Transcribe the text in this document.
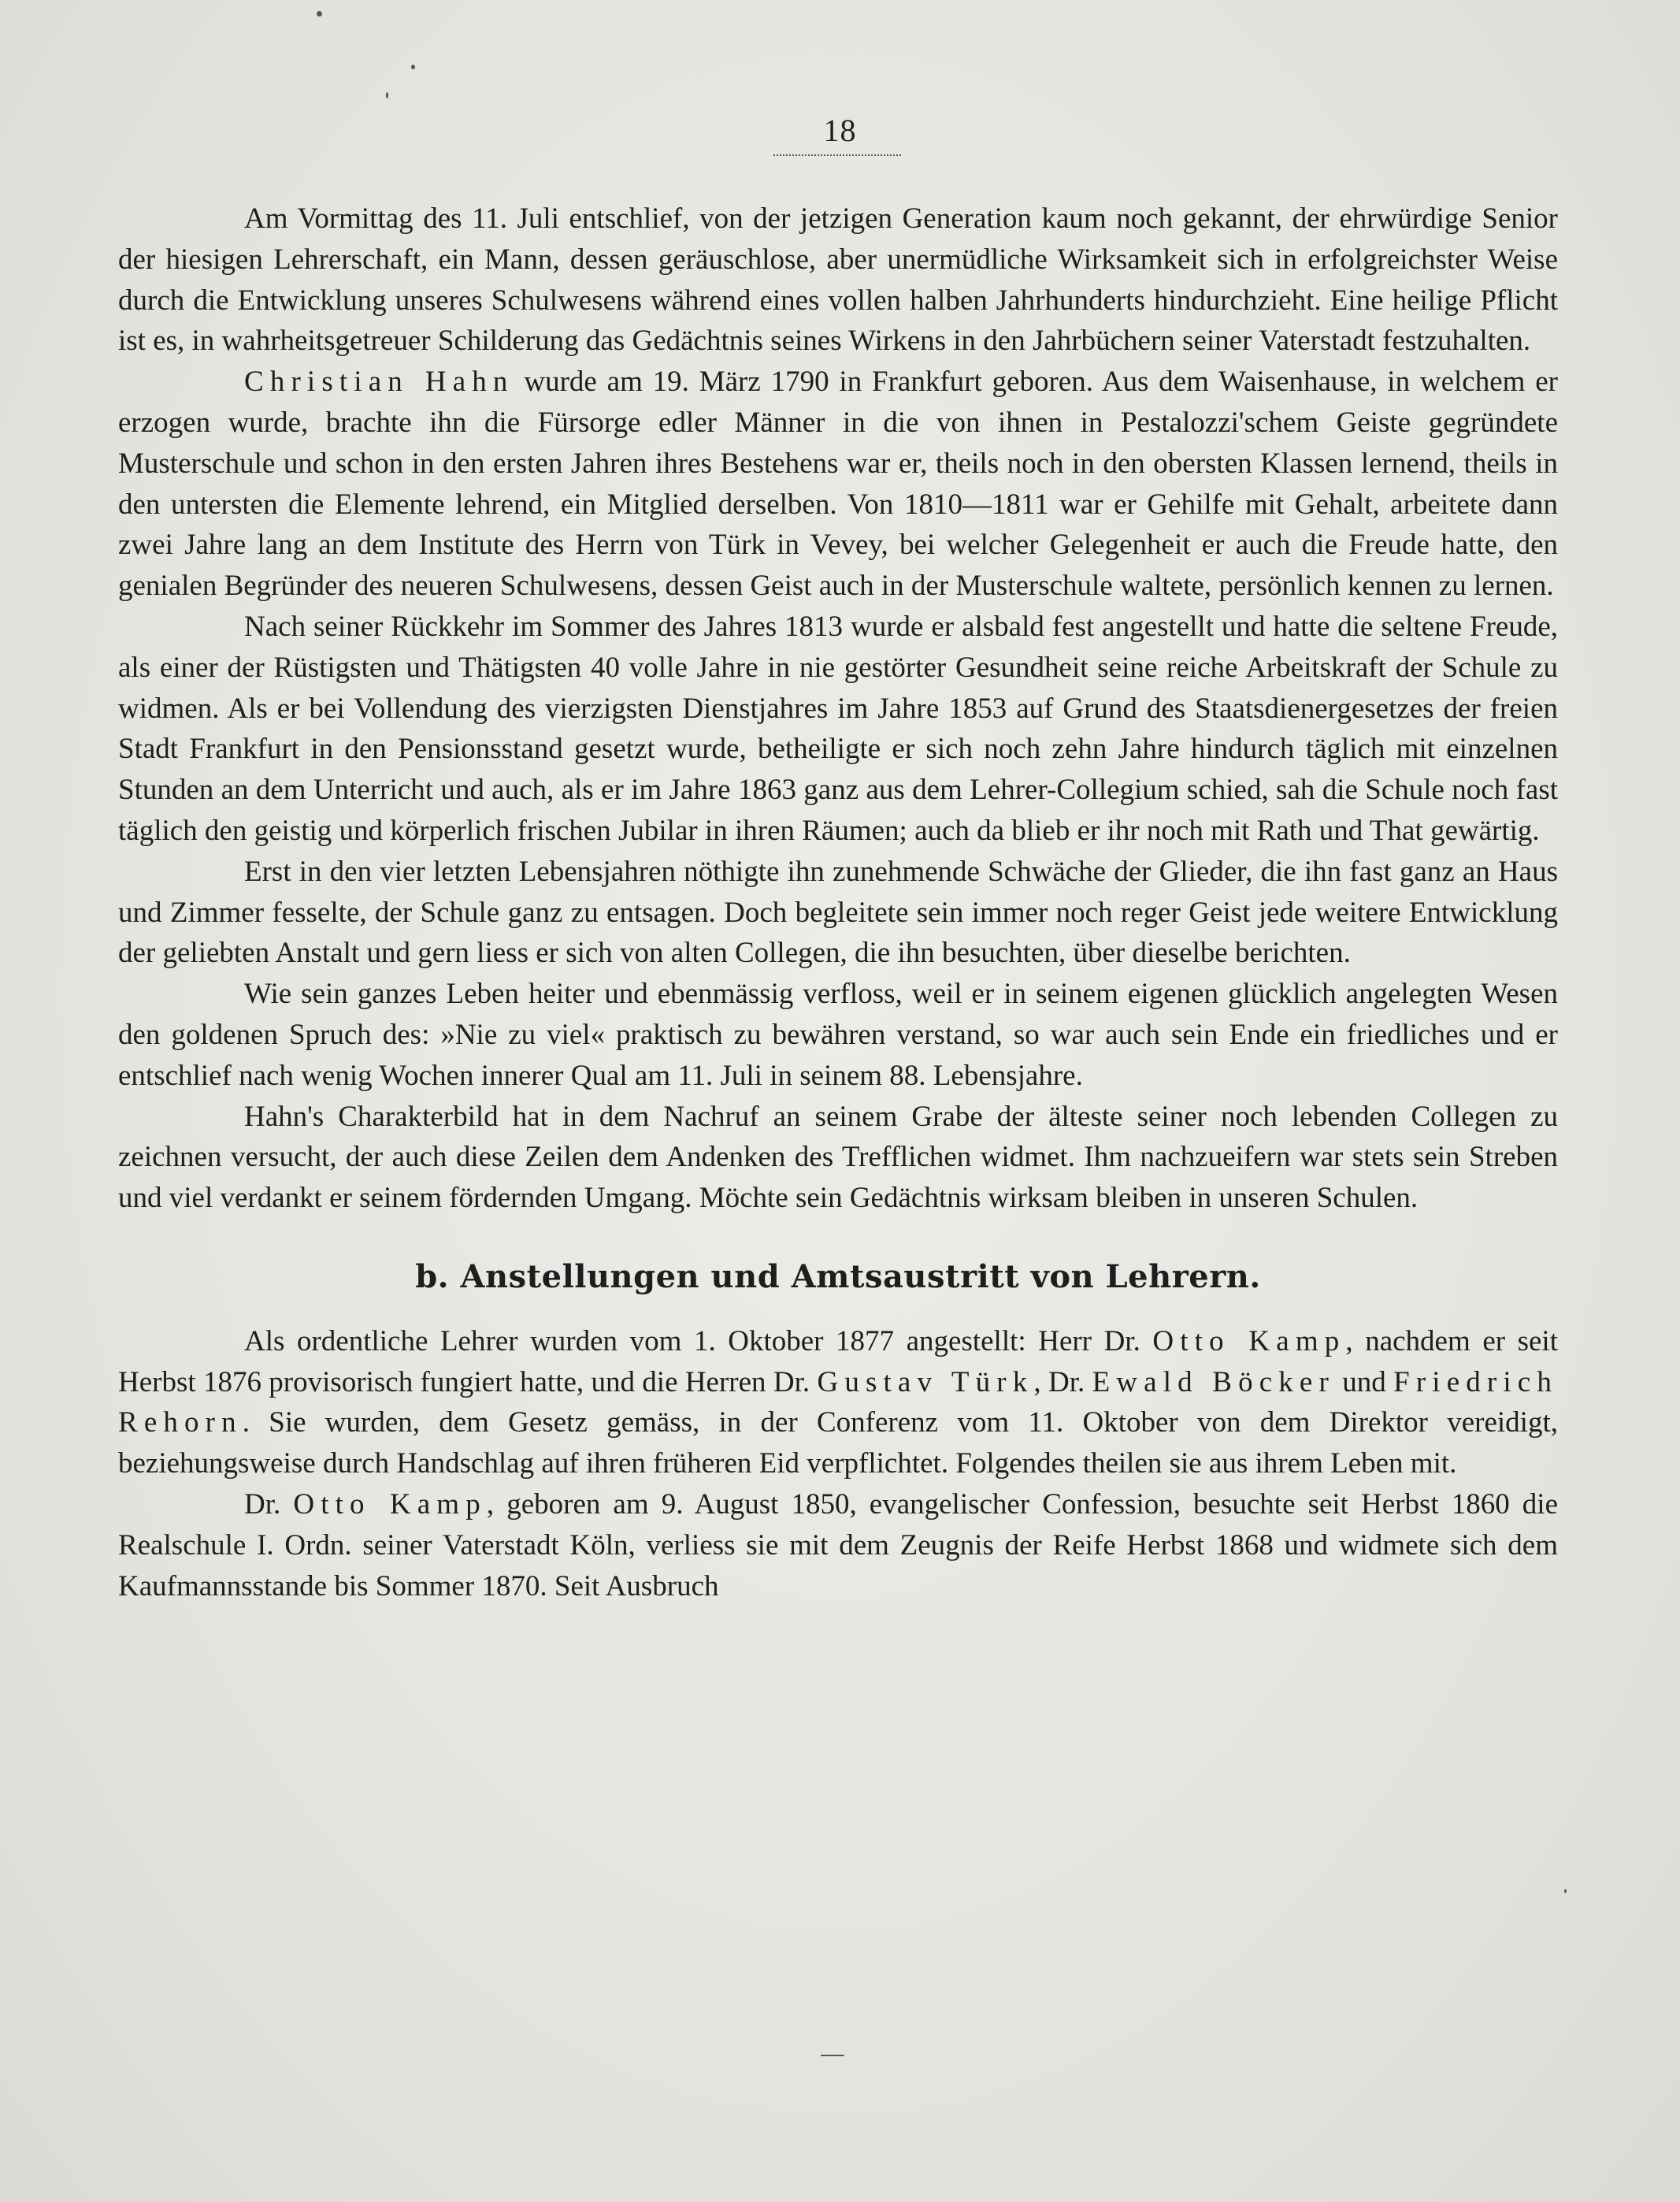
18

Am Vormittag des 11. Juli entschlief, von der jetzigen Generation kaum noch gekannt, der ehrwürdige Senior der hiesigen Lehrerschaft, ein Mann, dessen geräuschlose, aber unermüdliche Wirksamkeit sich in erfolgreichster Weise durch die Entwicklung unseres Schulwesens während eines vollen halben Jahrhunderts hindurchzieht. Eine heilige Pflicht ist es, in wahrheitsgetreuer Schilderung das Gedächtnis seines Wirkens in den Jahrbüchern seiner Vaterstadt festzuhalten.

Christian Hahn wurde am 19. März 1790 in Frankfurt geboren. Aus dem Waisenhause, in welchem er erzogen wurde, brachte ihn die Fürsorge edler Männer in die von ihnen in Pestalozzi'schem Geiste gegründete Musterschule und schon in den ersten Jahren ihres Bestehens war er, theils noch in den obersten Klassen lernend, theils in den untersten die Elemente lehrend, ein Mitglied derselben. Von 1810—1811 war er Gehilfe mit Gehalt, arbeitete dann zwei Jahre lang an dem Institute des Herrn von Türk in Vevey, bei welcher Gelegenheit er auch die Freude hatte, den genialen Begründer des neueren Schulwesens, dessen Geist auch in der Musterschule waltete, persönlich kennen zu lernen.

Nach seiner Rückkehr im Sommer des Jahres 1813 wurde er alsbald fest angestellt und hatte die seltene Freude, als einer der Rüstigsten und Thätigsten 40 volle Jahre in nie gestörter Gesundheit seine reiche Arbeitskraft der Schule zu widmen. Als er bei Vollendung des vierzigsten Dienstjahres im Jahre 1853 auf Grund des Staatsdienergesetzes der freien Stadt Frankfurt in den Pensionsstand gesetzt wurde, betheiligte er sich noch zehn Jahre hindurch täglich mit einzelnen Stunden an dem Unterricht und auch, als er im Jahre 1863 ganz aus dem Lehrer-Collegium schied, sah die Schule noch fast täglich den geistig und körperlich frischen Jubilar in ihren Räumen; auch da blieb er ihr noch mit Rath und That gewärtig.

Erst in den vier letzten Lebensjahren nöthigte ihn zunehmende Schwäche der Glieder, die ihn fast ganz an Haus und Zimmer fesselte, der Schule ganz zu entsagen. Doch begleitete sein immer noch reger Geist jede weitere Entwicklung der geliebten Anstalt und gern liess er sich von alten Collegen, die ihn besuchten, über dieselbe berichten.

Wie sein ganzes Leben heiter und ebenmässig verfloss, weil er in seinem eigenen glücklich angelegten Wesen den goldenen Spruch des: »Nie zu viel« praktisch zu bewähren verstand, so war auch sein Ende ein friedliches und er entschlief nach wenig Wochen innerer Qual am 11. Juli in seinem 88. Lebensjahre.

Hahn's Charakterbild hat in dem Nachruf an seinem Grabe der älteste seiner noch lebenden Collegen zu zeichnen versucht, der auch diese Zeilen dem Andenken des Trefflichen widmet. Ihm nachzueifern war stets sein Streben und viel verdankt er seinem fördernden Umgang. Möchte sein Gedächtnis wirksam bleiben in unseren Schulen.

b. Anstellungen und Amtsaustritt von Lehrern.

Als ordentliche Lehrer wurden vom 1. Oktober 1877 angestellt: Herr Dr. Otto Kamp, nachdem er seit Herbst 1876 provisorisch fungiert hatte, und die Herren Dr. Gustav Türk, Dr. Ewald Böcker und Friedrich Rehorn. Sie wurden, dem Gesetz gemäss, in der Conferenz vom 11. Oktober von dem Direktor vereidigt, beziehungsweise durch Handschlag auf ihren früheren Eid verpflichtet. Folgendes theilen sie aus ihrem Leben mit.

Dr. Otto Kamp, geboren am 9. August 1850, evangelischer Confession, besuchte seit Herbst 1860 die Realschule I. Ordn. seiner Vaterstadt Köln, verliess sie mit dem Zeugnis der Reife Herbst 1868 und widmete sich dem Kaufmannsstande bis Sommer 1870. Seit Ausbruch
